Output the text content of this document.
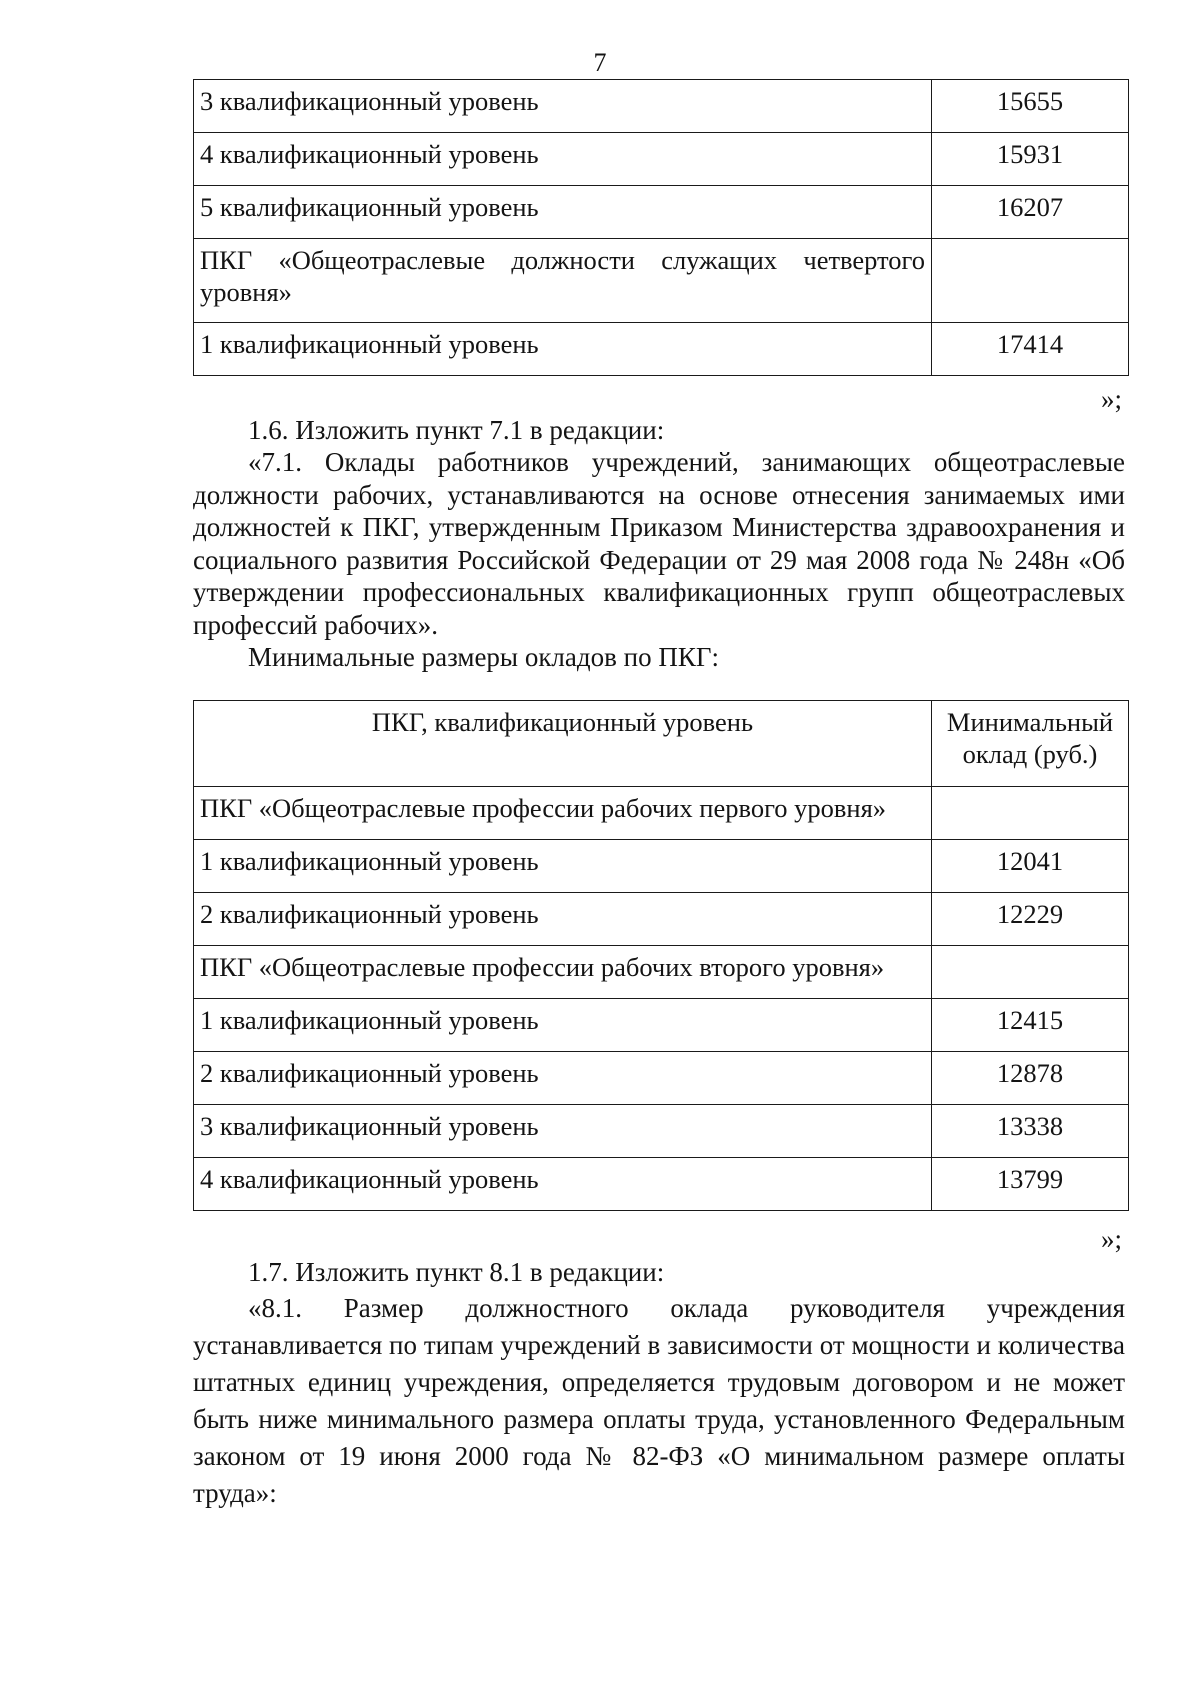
7
3 квалификационный уровень	15655
4 квалификационный уровень	15931
5 квалификационный уровень	16207
ПКГ «Общеотраслевые должности служащих четвертого уровня»	
1 квалификационный уровень	17414
»;
1.6. Изложить пункт 7.1 в редакции:
«7.1. Оклады работников учреждений, занимающих общеотраслевые должности рабочих, устанавливаются на основе отнесения занимаемых ими должностей к ПКГ, утвержденным Приказом Министерства здравоохранения и социального развития Российской Федерации от 29 мая 2008 года № 248н «Об утверждении профессиональных квалификационных групп общеотраслевых профессий рабочих».
Минимальные размеры окладов по ПКГ:
ПКГ, квалификационный уровень	Минимальный оклад (руб.)
ПКГ «Общеотраслевые профессии рабочих первого уровня»	
1 квалификационный уровень	12041
2 квалификационный уровень	12229
ПКГ «Общеотраслевые профессии рабочих второго уровня»	
1 квалификационный уровень	12415
2 квалификационный уровень	12878
3 квалификационный уровень	13338
4 квалификационный уровень	13799
»;
1.7. Изложить пункт 8.1 в редакции:
«8.1. Размер должностного оклада руководителя учреждения устанавливается по типам учреждений в зависимости от мощности и количества штатных единиц учреждения, определяется трудовым договором и не может быть ниже минимального размера оплаты труда, установленного Федеральным законом от 19 июня 2000 года № 82-ФЗ «О минимальном размере оплаты труда»:
